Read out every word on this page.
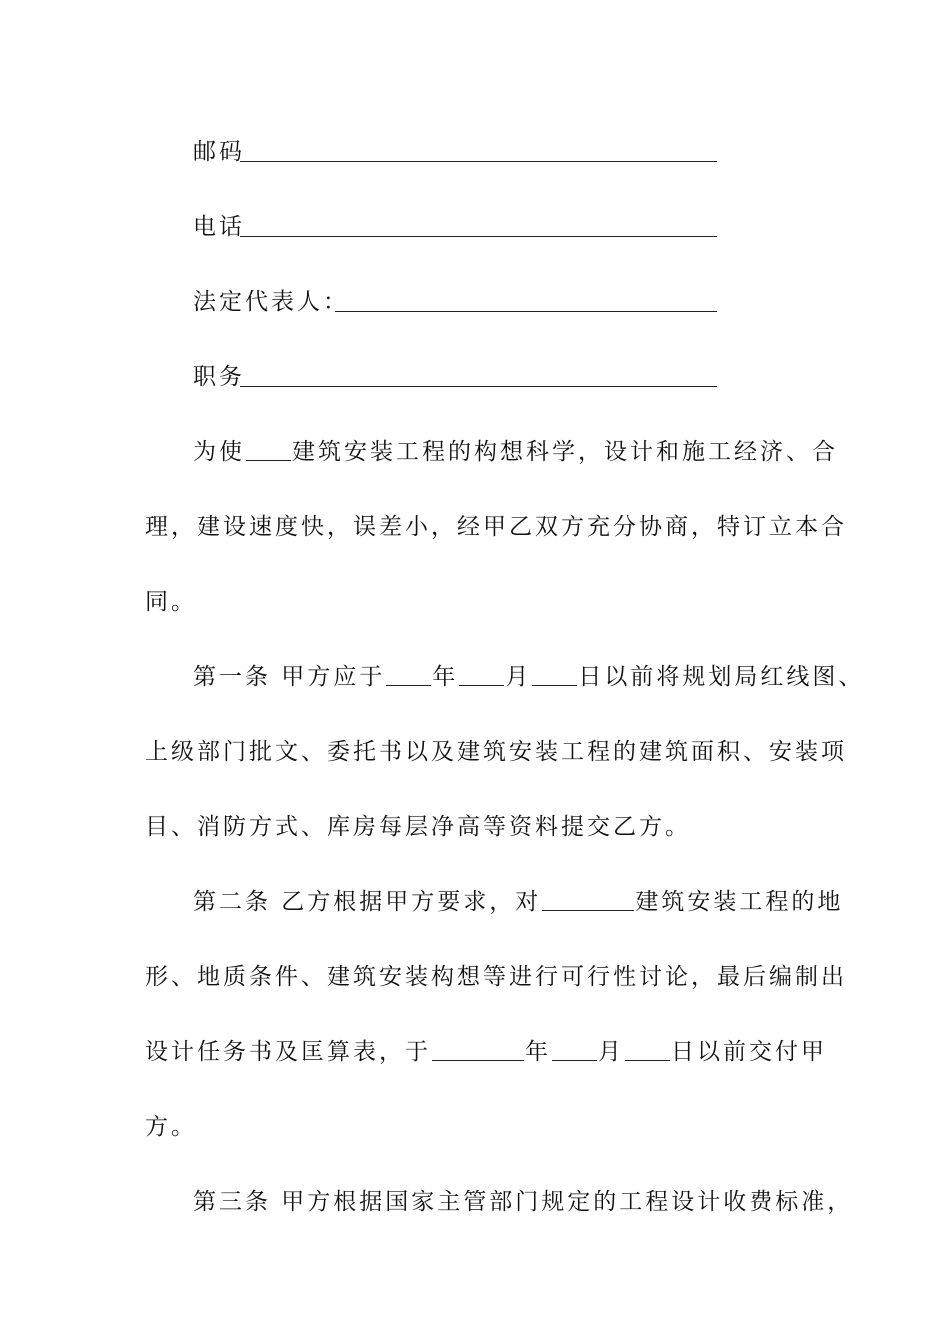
邮码
电话
法定代表人：
职务
为使 建筑安装工程的构想科学，设计和施工经济、合
理，建设速度快，误差小，经甲乙双方充分协商，特订立本合
同。
第一条 甲方应于 年 月 日以前将规划局红线图、
上级部门批文、委托书以及建筑安装工程的建筑面积、安装项
目、消防方式、库房每层净高等资料提交乙方。
第二条 乙方根据甲方要求，对	建筑安装工程的地
形、地质条件、建筑安装构想等进行可行性讨论，最后编制出
设计任务书及匡算表，于	年 月 日以前交付甲
方。
第三条 甲方根据国家主管部门规定的工程设计收费标准，
